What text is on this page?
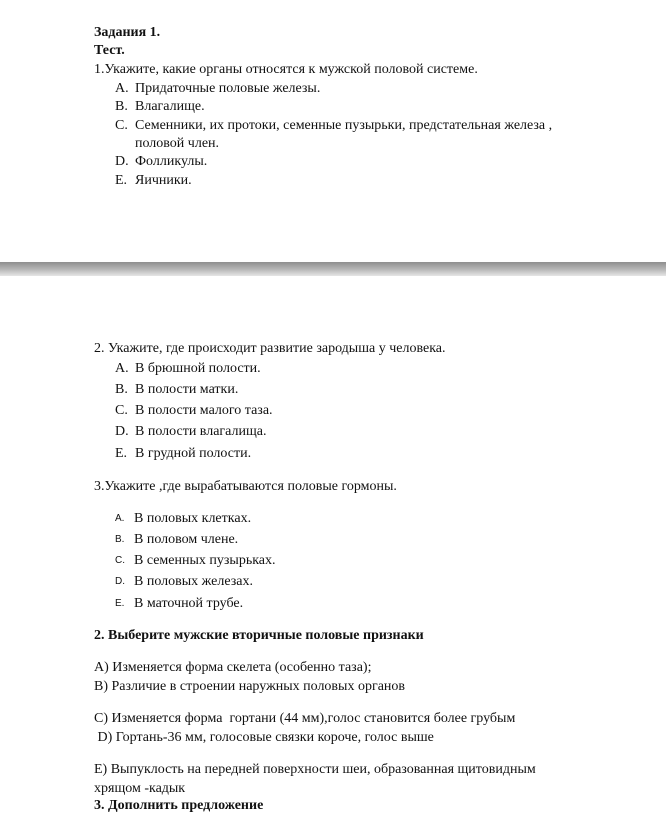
Задания 1.
Тест.
1.Укажите, какие органы относятся к мужской половой системе.
A. Придаточные половые железы.
B. Влагалище.
C. Семенники, их протоки, семенные пузырьки, предстательная железа ,
половой член.
D. Фолликулы.
E. Яичники.
2. Укажите, где происходит развитие зародыша у человека.
A. В брюшной полости.
B. В полости матки.
C. В полости малого таза.
D. В полости влагалища.
E. В грудной полости.
3.Укажите ,где вырабатываются половые гормоны.
A. В половых клетках.
B. В половом члене.
C. В семенных пузырьках.
D. В половых железах.
E. В маточной трубе.
2. Выберите мужские вторичные половые признаки
А) Изменяется форма скелета (особенно таза);
В) Различие в строении наружных половых органов
С) Изменяется форма  гортани (44 мм),голос становится более грубым
D) Гортань-36 мм, голосовые связки короче, голос выше
Е) Выпуклость на передней поверхности шеи, образованная щитовидным
хрящом -кадык
3. Дополнить предложение
